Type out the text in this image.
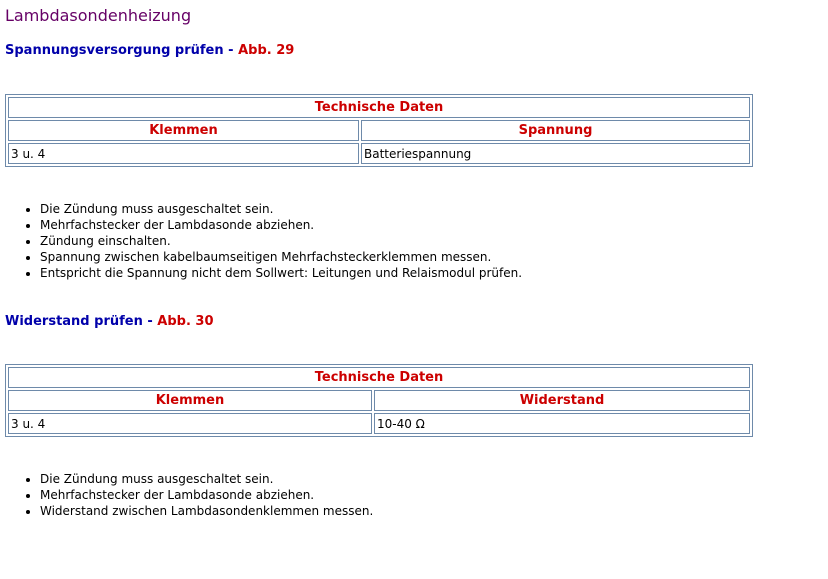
Lambdasondenheizung
Spannungsversorgung prüfen - Abb. 29
Technische Daten	
Klemmen	Spannung
3 u. 4	Batteriespannung
• Die Zündung muss ausgeschaltet sein.
• Mehrfachstecker der Lambdasonde abziehen.
• Zündung einschalten.
• Spannung zwischen kabelbaumseitigen Mehrfachsteckerklemmen messen.
• Entspricht die Spannung nicht dem Sollwert: Leitungen und Relaismodul prüfen.
Widerstand prüfen - Abb. 30
Technische Daten	
Klemmen	Widerstand
3 u. 4	10-40 Ω
• Die Zündung muss ausgeschaltet sein.
• Mehrfachstecker der Lambdasonde abziehen.
• Widerstand zwischen Lambdasondenklemmen messen.
